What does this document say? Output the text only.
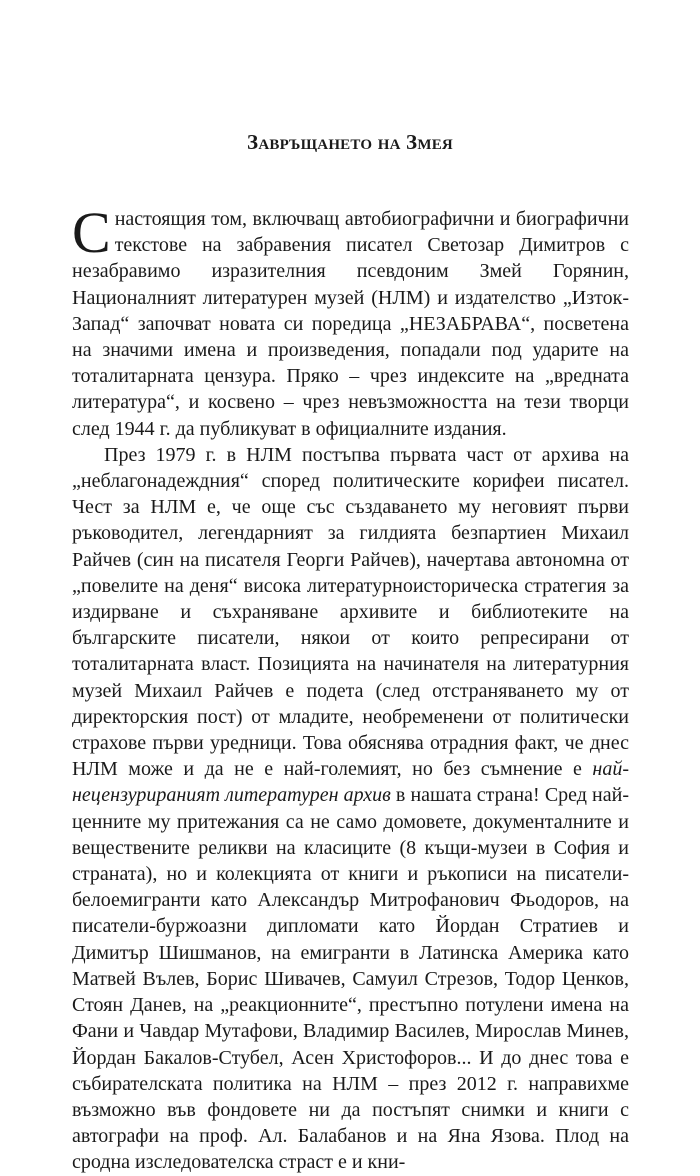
Завръщането на Змея

Снастоящия том, включващ автобиографични и биографични текстове на забравения писател Светозар Димитров с незабравимо изразителния псевдоним Змей Горянин, Националният литературен музей (НЛМ) и издателство „Изток-Запад“ започват новата си поредица „НЕЗАБРАВА“, посветена на значими имена и произведения, попадали под ударите на тоталитарната цензура. Пряко – чрез индексите на „вредната литература“, и косвено – чрез невъзможността на тези творци след 1944 г. да публикуват в официалните издания.

През 1979 г. в НЛМ постъпва първата част от архива на „неблагонадеждния“ според политическите корифеи писател. Чест за НЛМ е, че още със създаването му неговият първи ръководител, легендарният за гилдията безпартиен Михаил Райчев (син на писателя Георги Райчев), начертава автономна от „повелите на деня“ висока литературноисторическа стратегия за издирване и съхраняване архивите и библиотеките на българските писатели, някои от които репресирани от тоталитарната власт. Позицията на начинателя на литературния музей Михаил Райчев е подета (след отстраняването му от директорския пост) от младите, необременени от политически страхове първи уредници. Това обяснява отрадния факт, че днес НЛМ може и да не е най-големият, но без съмнение е най-нецензурираният литературен архив в нашата страна! Сред най-ценните му притежания са не само домовете, документалните и веществените реликви на класиците (8 къщи-музеи в София и страната), но и колекцията от книги и ръкописи на писатели-белоемигранти като Александър Митрофанович Фьодоров, на писатели-буржоазни дипломати като Йордан Стратиев и Димитър Шишманов, на емигранти в Латинска Америка като Матвей Вълев, Борис Шивачев, Самуил Стрезов, Тодор Ценков, Стоян Данев, на „реакционните“, престъпно потулени имена на Фани и Чавдар Мутафови, Владимир Василев, Мирослав Минев, Йордан Бакалов-Стубел, Асен Христофоров... И до днес това е събирателската политика на НЛМ – през 2012 г. направихме възможно във фондовете ни да постъпят снимки и книги с автографи на проф. Ал. Балабанов и на Яна Язова. Плод на сродна изследователска страст е и кни-
